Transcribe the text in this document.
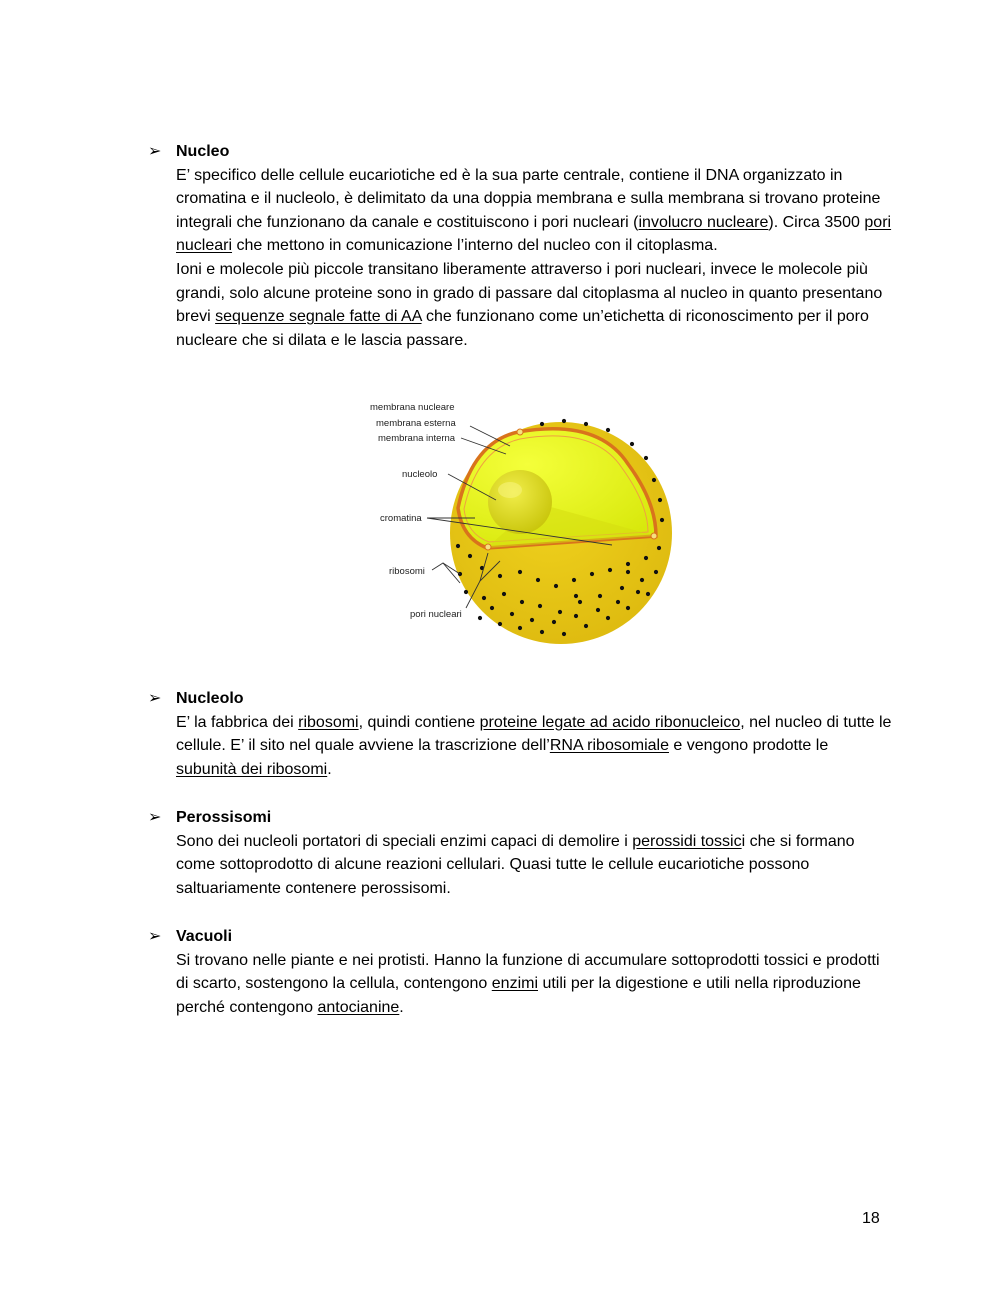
➢ Nucleo
E’ specifico delle cellule eucariotiche ed è la sua parte centrale, contiene il DNA organizzato in cromatina e il nucleolo, è delimitato da una doppia membrana e sulla membrana si trovano proteine integrali che funzionano da canale e costituiscono i pori nucleari (involucro nucleare). Circa 3500 pori nucleari che mettono in comunicazione l’interno del nucleo con il citoplasma.
Ioni e molecole più piccole transitano liberamente attraverso i pori nucleari, invece le molecole più grandi, solo alcune proteine sono in grado di passare dal citoplasma al nucleo in quanto presentano brevi sequenze segnale fatte di AA che funzionano come un’etichetta di riconoscimento per il poro nucleare che si dilata e le lascia passare.
membrana nucleare
membrana esterna
membrana interna
nucleolo
cromatina
ribosomi
pori nucleari
➢ Nucleolo
E’ la fabbrica dei ribosomi, quindi contiene proteine legate ad acido ribonucleico, nel nucleo di tutte le cellule. E’ il sito nel quale avviene la trascrizione dell’RNA ribosomiale e vengono prodotte le subunità dei ribosomi.
➢ Perossisomi
Sono dei nucleoli portatori di speciali enzimi capaci di demolire i perossidi tossici che si formano come sottoprodotto di alcune reazioni cellulari. Quasi tutte le cellule eucariotiche possono saltuariamente contenere perossisomi.
➢ Vacuoli
Si trovano nelle piante e nei protisti. Hanno la funzione di accumulare sottoprodotti tossici e prodotti di scarto, sostengono la cellula, contengono enzimi utili per la digestione e utili nella riproduzione perché contengono antocianine.
18
